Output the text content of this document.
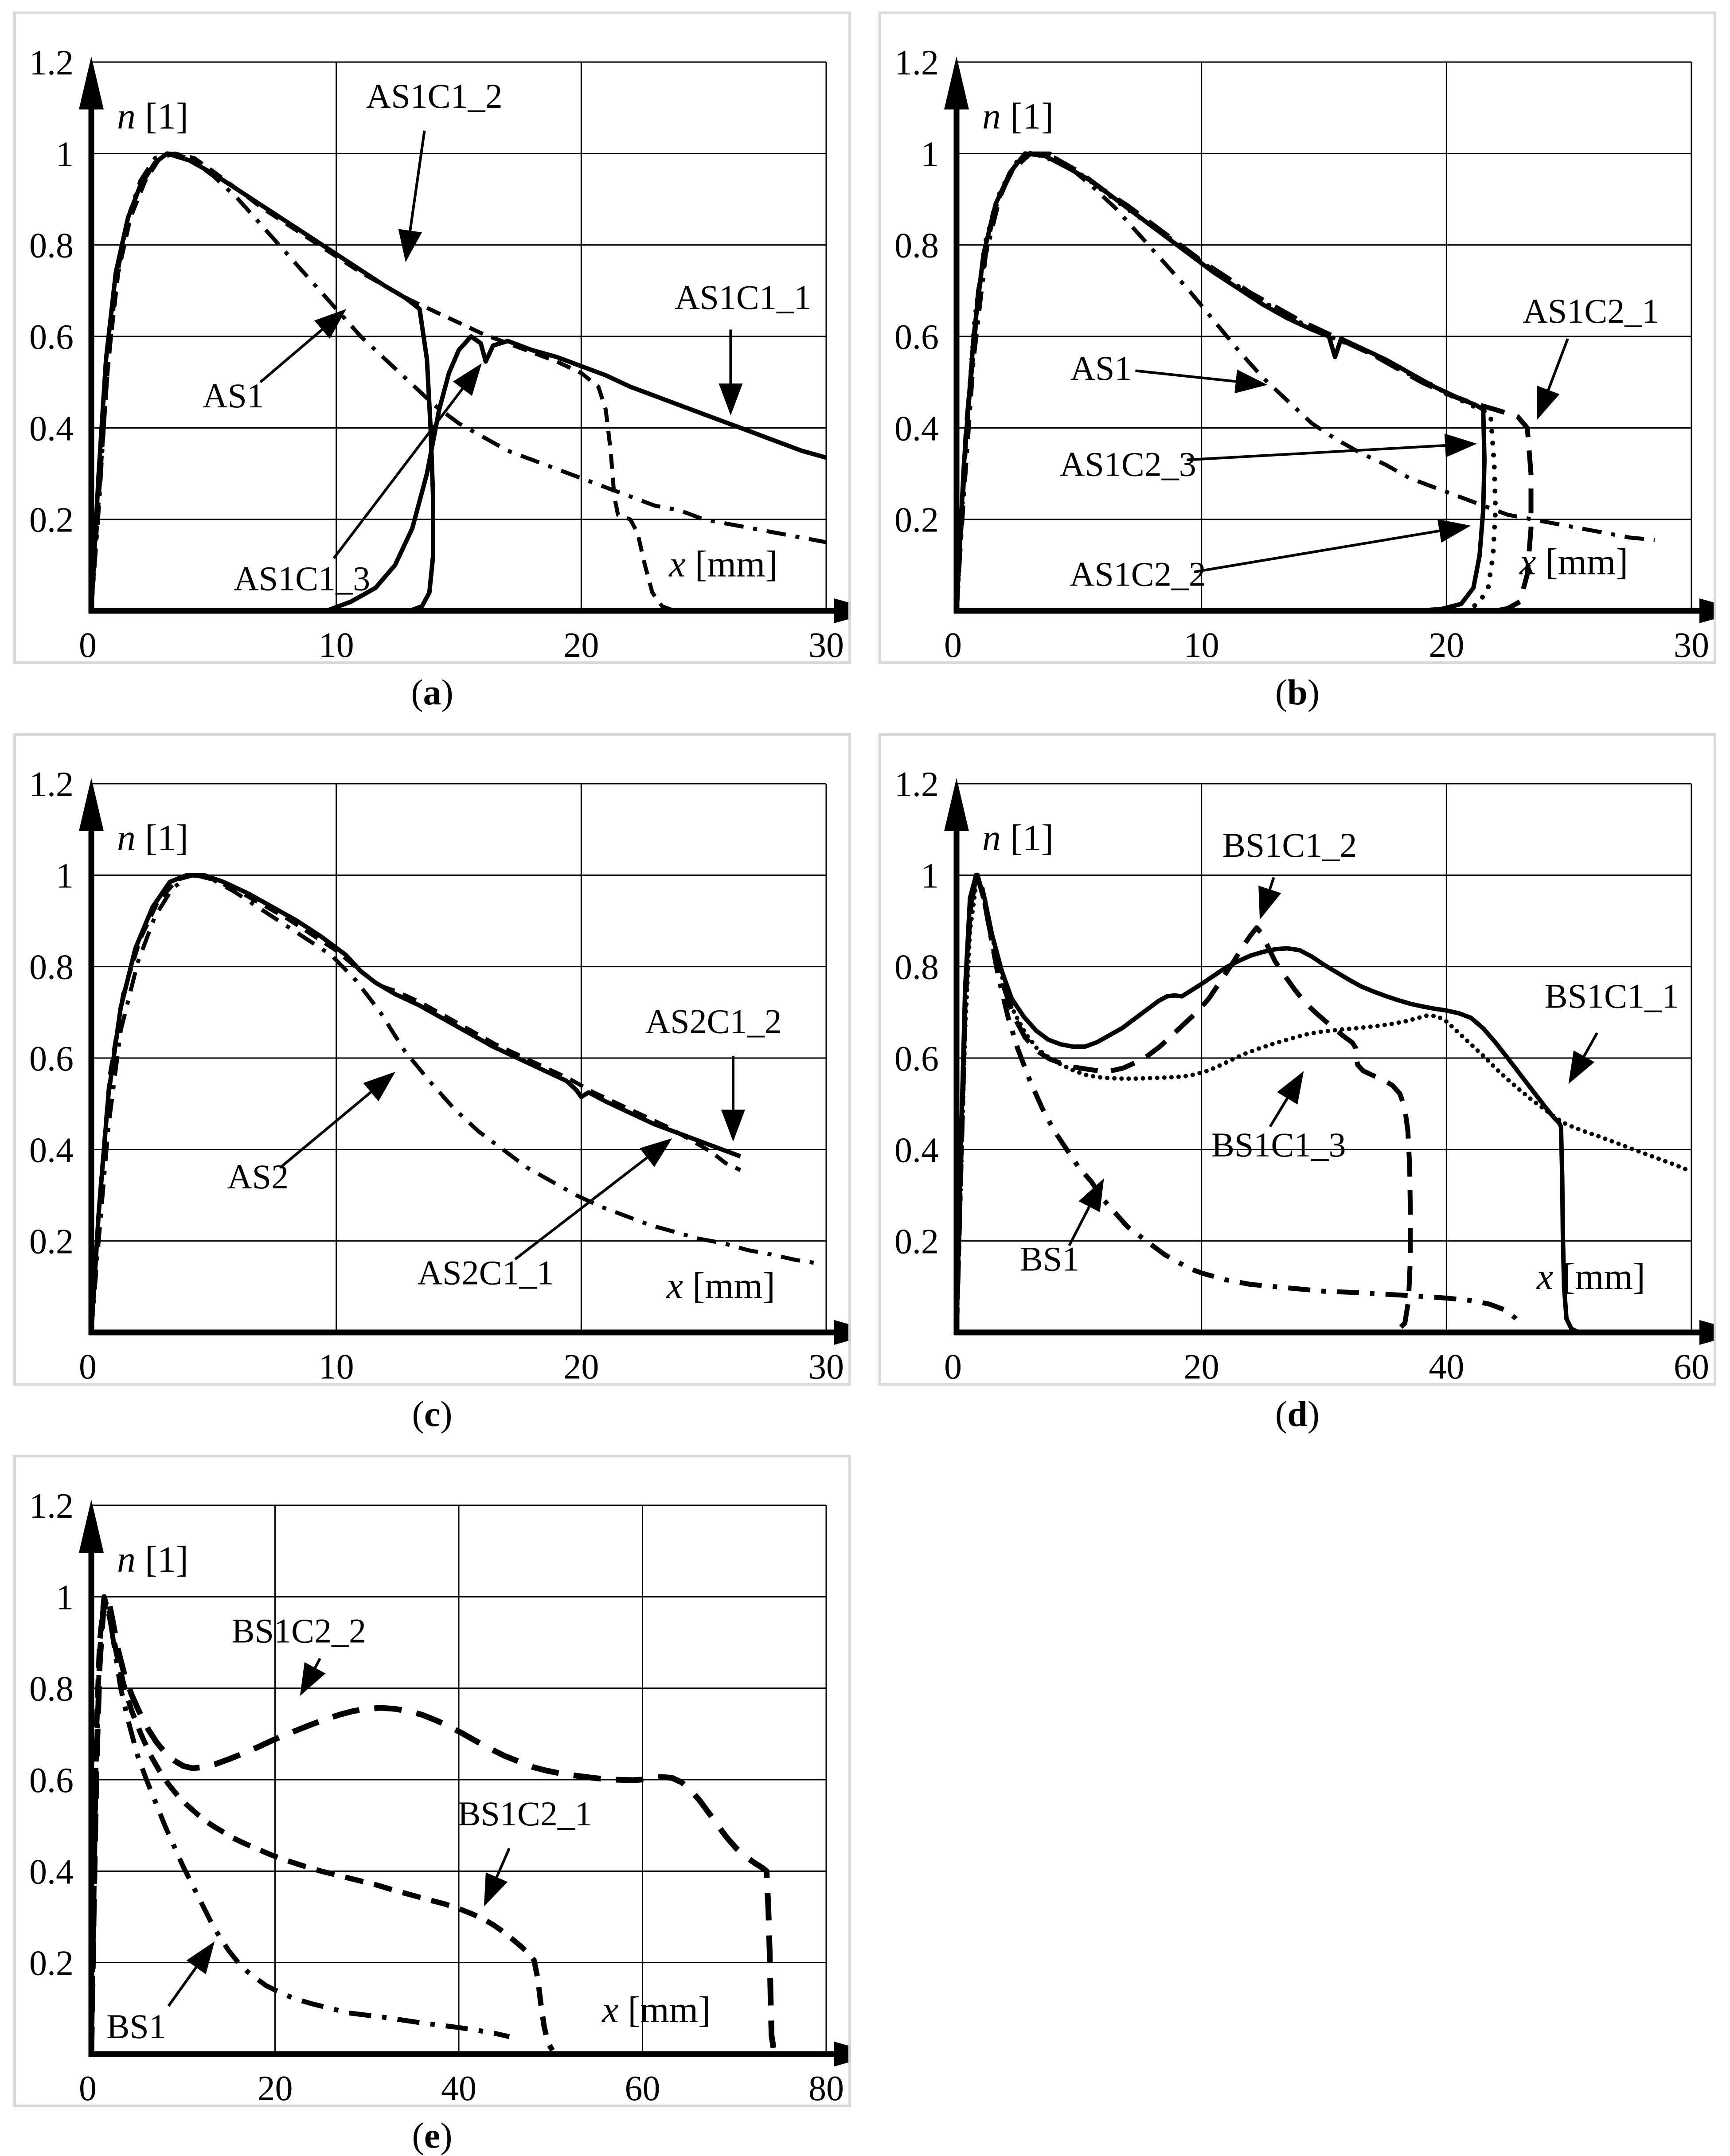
0.2
0.4
0.6
0.8
1
1.2
0	10	20	30
n [1]
x [mm]
AS1C1_2
AS1C1_1
AS1
AS1C1_3
(a)
0.2
0.4
0.6
0.8
1
1.2
0	10	20	30
n [1]
x [mm]
AS1
AS1C2_1
AS1C2_3
AS1C2_2
(b)
0.2
0.4
0.6
0.8
1
1.2
0	10	20	30
n [1]
x [mm]
AS2
AS2C1_2
AS2C1_1
(c)
0.2
0.4
0.6
0.8
1
1.2
0	20	40	60
n [1]
x [mm]
BS1C1_2
BS1C1_1
BS1C1_3
BS1
(d)
0.2
0.4
0.6
0.8
1
1.2
0	20	40	60	80
n [1]
x [mm]
BS1C2_2
BS1C2_1
BS1
(e)
